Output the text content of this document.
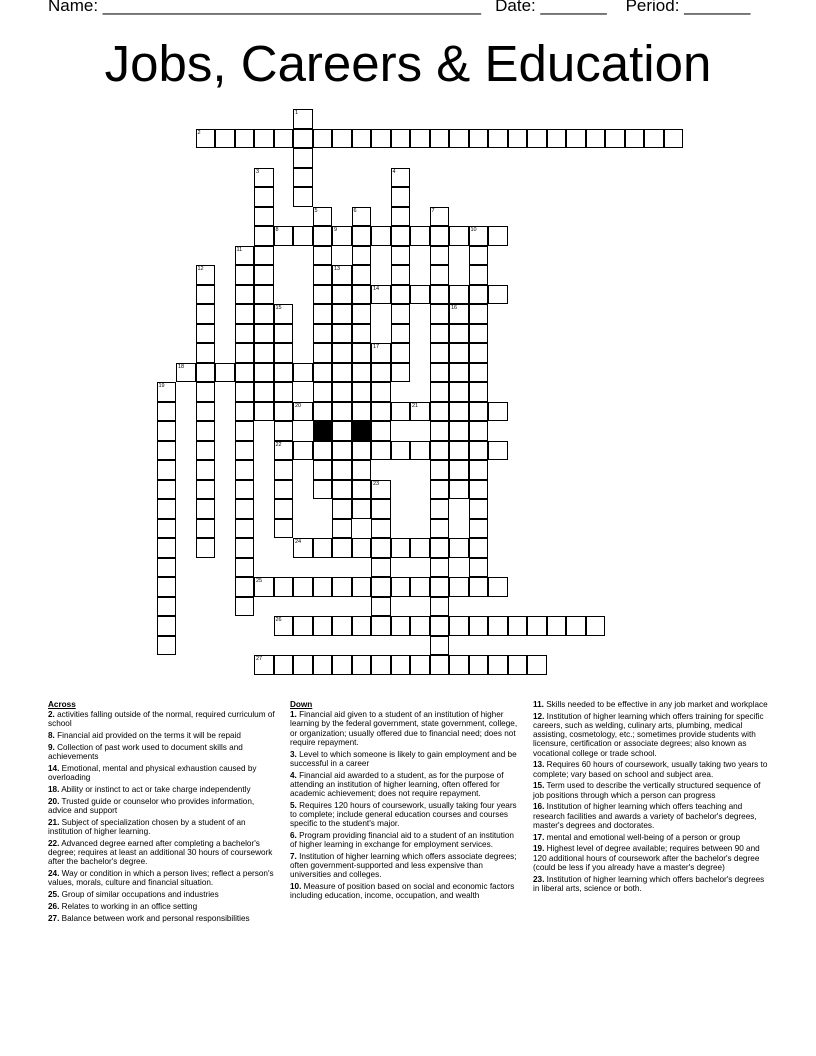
Name: ________________________________________   Date: _______    Period: _______
Jobs, Careers & Education
1
2
3	4
5	6	7
8	9	10
11
12	13
14
15
22
16
17
18
19
20	21
23
24
25
26
27
Across
2. activities falling outside of the normal, required curriculum of school
8. Financial aid provided on the terms it will be repaid
9. Collection of past work used to document skills and achievements
14. Emotional, mental and physical exhaustion caused by overloading
18. Ability or instinct to act or take charge independently
20. Trusted guide or counselor who provides information, advice and support
21. Subject of specialization chosen by a student of an institution of higher learning.
22. Advanced degree earned after completing a bachelor's degree; requires at least an additional 30 hours of coursework after the bachelor's degree.
24. Way or condition in which a person lives; reflect a person's values, morals, culture and financial situation.
25. Group of similar occupations and industries
26. Relates to working in an office setting
27. Balance between work and personal responsibilities
Down
1. Financial aid given to a student of an institution of higher learning by the federal government, state government, college, or organization; usually offered due to financial need; does not require repayment.
3. Level to which someone is likely to gain employment and be successful in a career
4. Financial aid awarded to a student, as for the purpose of attending an institution of higher learning, often offered for academic achievement; does not require repayment.
5. Requires 120 hours of coursework, usually taking four years to complete; include general education courses and courses specific to the student's major.
6. Program providing financial aid to a student of an institution of higher learning in exchange for employment services.
7. Institution of higher learning which offers associate degrees; often government-supported and less expensive than universities and colleges.
10. Measure of position based on social and economic factors including education, income, occupation, and wealth
11. Skills needed to be effective in any job market and workplace
12. Institution of higher learning which offers training for specific careers, such as welding, culinary arts, plumbing, medical assisting, cosmetology, etc.; sometimes provide students with licensure, certification or associate degrees; also known as vocational college or trade school.
13. Requires 60 hours of coursework, usually taking two years to complete; vary based on school and subject area.
15. Term used to describe the vertically structured sequence of job positions through which a person can progress
16. Institution of higher learning which offers teaching and research facilities and awards a variety of bachelor's degrees, master's degrees and doctorates.
17. mental and emotional well-being of a person or group
19. Highest level of degree available; requires between 90 and 120 additional hours of coursework after the bachelor's degree (could be less if you already have a master's degree)
23. Institution of higher learning which offers bachelor's degrees in liberal arts, science or both.
